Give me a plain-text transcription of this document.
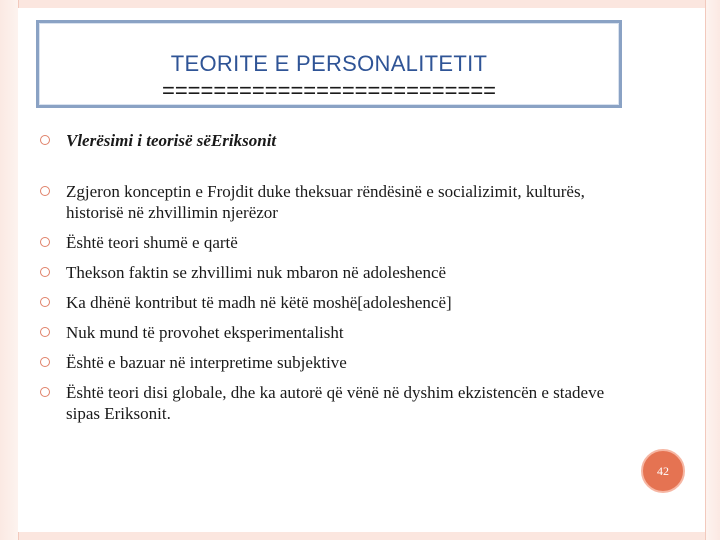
TEORITE E PERSONALITETIT
==========================
Vlerësimi i teorisë sëEriksonit
Zgjeron konceptin e Frojdit duke theksuar rëndësinë e socializimit, kulturës, historisë në zhvillimin njerëzor
Është teori shumë e qartë
Thekson faktin se zhvillimi nuk mbaron në adoleshencë
Ka dhënë kontribut të madh në këtë moshë[adoleshencë]
Nuk mund të provohet eksperimentalisht
Është e bazuar në interpretime subjektive
Është teori disi globale, dhe ka autorë që vënë në dyshim ekzistencën e stadeve sipas Eriksonit.
42
